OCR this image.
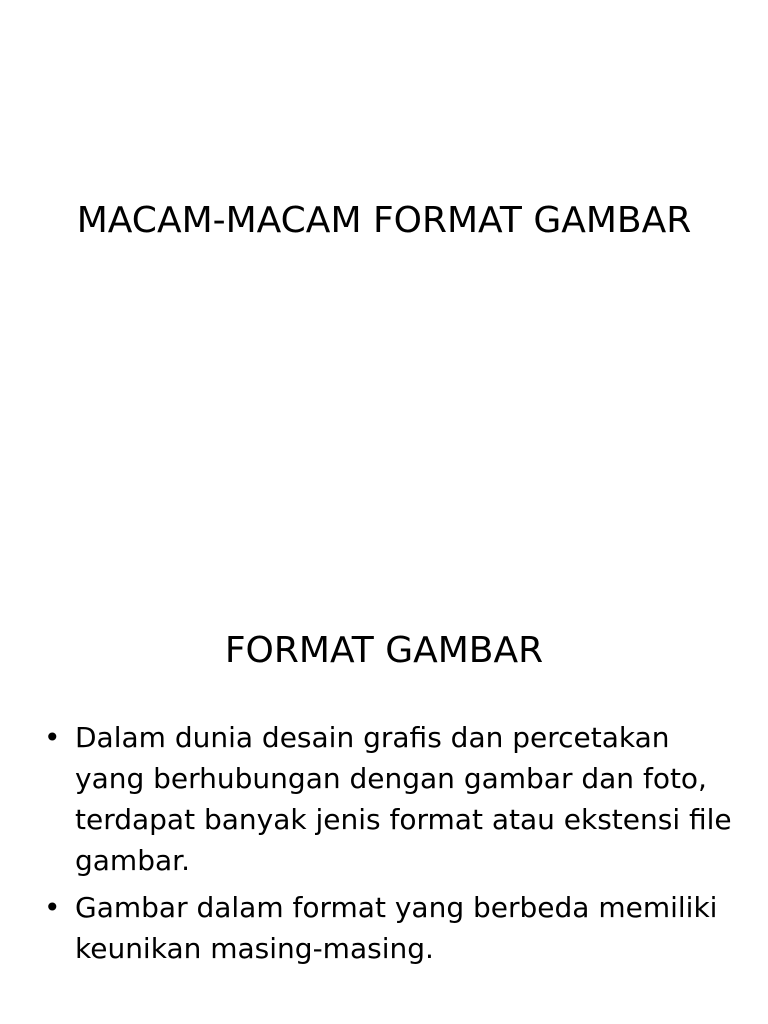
MACAM-MACAM FORMAT GAMBAR
FORMAT GAMBAR
• Dalam dunia desain grafis dan percetakan yang berhubungan dengan gambar dan foto, terdapat banyak jenis format atau ekstensi file gambar.
• Gambar dalam format yang berbeda memiliki keunikan masing-masing.
